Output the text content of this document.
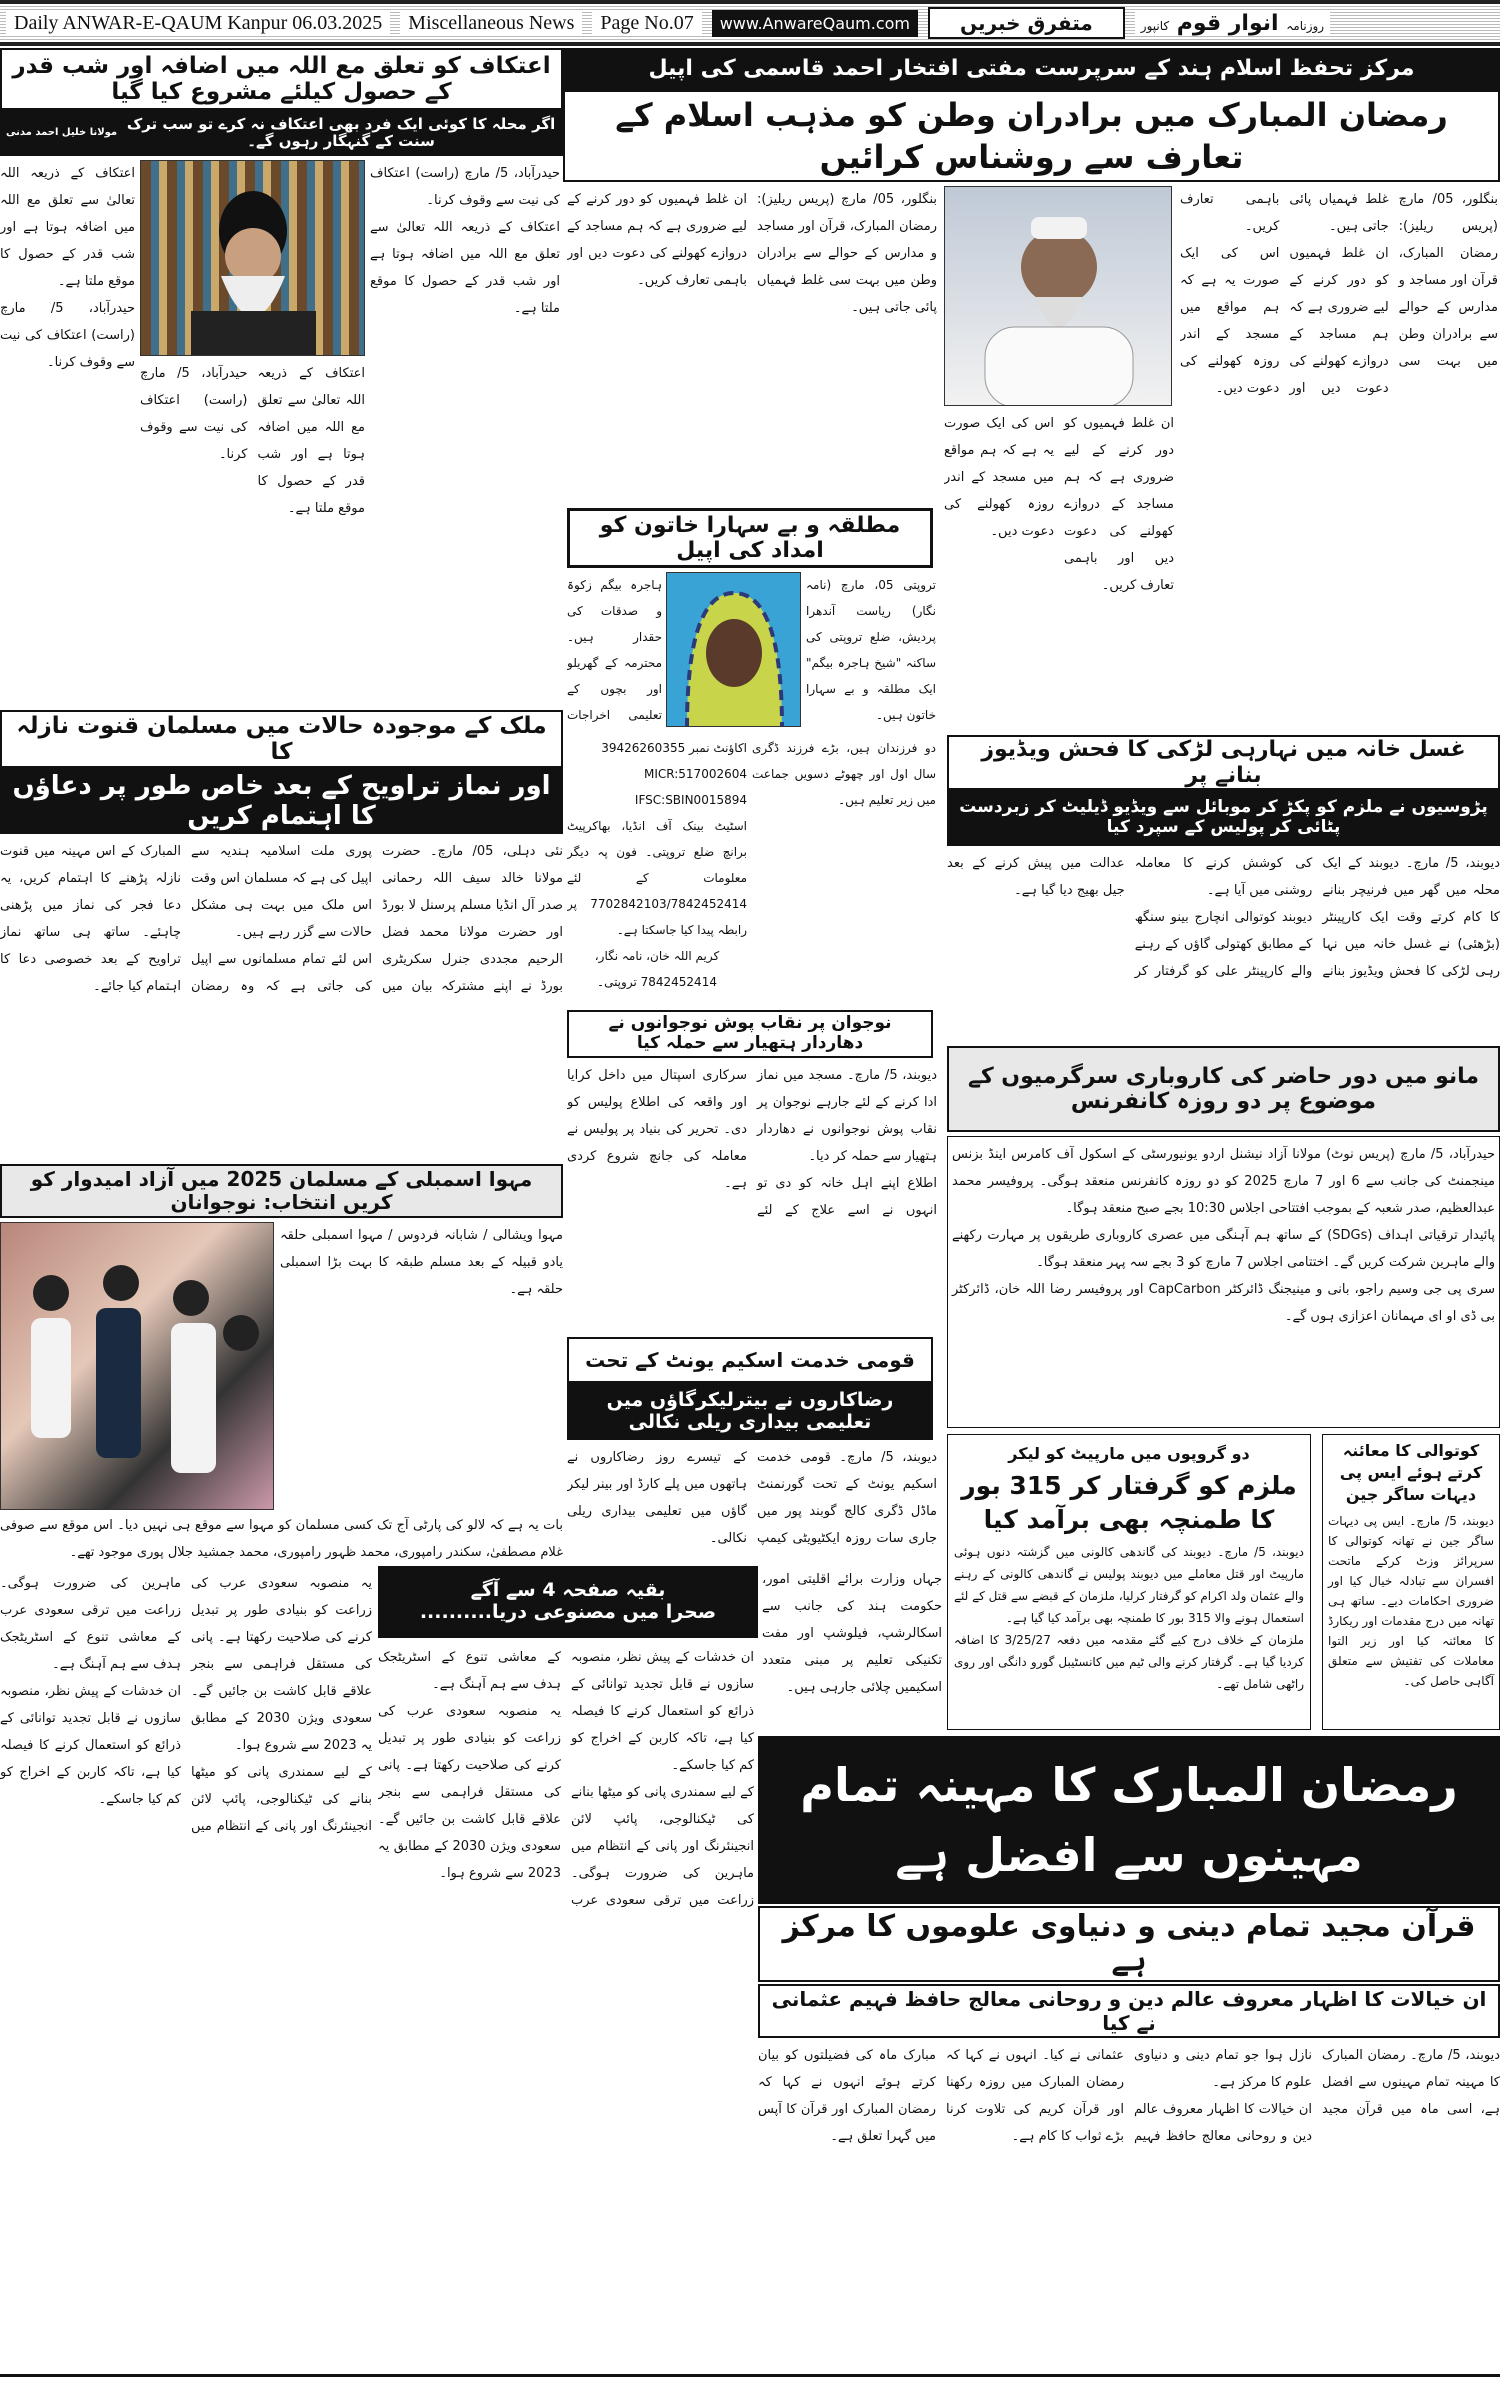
Daily ANWAR-E-QAUM Kanpur 06.03.2025	Miscellaneous News	Page No.07	www.AnwareQaum.com	متفرق خبریں	روزنامہ انوار قوم کانپور
مرکز تحفظ اسلام ہند کے سرپرست مفتی افتخار احمد قاسمی کی اپیل
رمضان المبارک میں برادران وطن کو مذہب اسلام کے تعارف سے روشناس کرائیں

بنگلور، 05/ مارچ (پریس ریلیز): رمضان المبارک، قرآن اور مساجد و مدارس کے حوالے سے برادران وطن میں بہت سی غلط فہمیاں پائی جاتی ہیں۔

ان غلط فہمیوں کو دور کرنے کے لیے ضروری ہے کہ ہم مساجد کے دروازے کھولنے کی دعوت دیں اور باہمی تعارف کریں۔

اس کی ایک صورت یہ ہے کہ ہم مواقع میں مسجد کے اندر روزہ کھولنے کی دعوت دیں۔

ان غلط فہمیوں کو دور کرنے کے لیے ضروری ہے کہ ہم مساجد کے دروازے کھولنے کی دعوت دیں اور باہمی تعارف کریں۔

اس کی ایک صورت یہ ہے کہ ہم مواقع میں مسجد کے اندر روزہ کھولنے کی دعوت دیں۔

اعتکاف کو تعلق مع اللہ میں اضافہ اور شب قدر کے حصول کیلئے مشروع کیا گیا
اگر محلہ کا کوئی ایک فرد بھی اعتکاف نہ کرے تو سب ترک سنت کے گنہگار رہوں گے۔
مولانا خلیل احمد مدنی

حیدرآباد، 5/ مارچ (راست) اعتکاف کی نیت سے وقوف کرنا۔

اعتکاف کے ذریعہ اللہ تعالیٰ سے تعلق مع اللہ میں اضافہ ہوتا ہے اور شب قدر کے حصول کا موقع ملتا ہے۔

اعتکاف کے ذریعہ اللہ تعالیٰ سے تعلق مع اللہ میں اضافہ ہوتا ہے اور شب قدر کے حصول کا موقع ملتا ہے۔

حیدرآباد، 5/ مارچ (راست) اعتکاف کی نیت سے وقوف کرنا۔

اعتکاف کے ذریعہ اللہ تعالیٰ سے تعلق مع اللہ میں اضافہ ہوتا ہے اور شب قدر کے حصول کا موقع ملتا ہے۔

حیدرآباد، 5/ مارچ (راست) اعتکاف کی نیت سے وقوف کرنا۔

بنگلور، 05/ مارچ (پریس ریلیز): رمضان المبارک، قرآن اور مساجد و مدارس کے حوالے سے برادران وطن میں بہت سی غلط فہمیاں پائی جاتی ہیں۔

ان غلط فہمیوں کو دور کرنے کے لیے ضروری ہے کہ ہم مساجد کے دروازے کھولنے کی دعوت دیں اور باہمی تعارف کریں۔

مطلقہ و بے سہارا خاتون کو امداد کی اپیل
تروپتی 05، مارچ (نامہ نگار) ریاست آندھرا پردیش، ضلع تروپتی کی ساکنہ "شیخ ہاجرہ بیگم" ایک مطلقہ و بے سہارا خاتون ہیں۔
ہاجرہ بیگم زکوۃ و صدقات کی حقدار ہیں۔ محترمہ کے گھریلو اور بچوں کے تعلیمی اخراجات
دو فرزندان ہیں، بڑے فرزند ڈگری سال اول اور چھوٹے دسویں جماعت میں زیر تعلیم ہیں۔

اکاؤنٹ نمبر 39426260355

MICR:517002604

IFSC:SBIN0015894

اسٹیٹ بینک آف انڈیا، بھاکرپیٹ برانچ ضلع تروپتی۔ فون پہ دیگر معلومات کے لئے 7702842103/7842452414 پر رابطہ پیدا کیا جاسکتا ہے۔

کریم اللہ خان، نامہ نگار،

7842452414 تروپتی۔

نوجوان پر نقاب پوش نوجوانوں نے دھاردار ہتھیار سے حملہ کیا

دیوبند، 5/ مارچ۔ مسجد میں نماز ادا کرنے کے لئے جارہے نوجوان پر نقاب پوش نوجوانوں نے دھاردار ہتھیار سے حملہ کر دیا۔

اطلاع اپنے اہل خانہ کو دی تو انہوں نے اسے علاج کے لئے سرکاری اسپتال میں داخل کرایا اور واقعہ کی اطلاع پولیس کو دی۔ تحریر کی بنیاد پر پولیس نے معاملہ کی جانچ شروع کردی ہے۔

قومی خدمت اسکیم یونٹ کے تحت
رضاکاروں نے بیترلیکرگاؤں میں تعلیمی بیداری ریلی نکالی

دیوبند، 5/ مارچ۔ قومی خدمت اسکیم یونٹ کے تحت گورنمنٹ ماڈل ڈگری کالج گوبند پور میں جاری سات روزہ ایکٹیویٹی کیمپ کے تیسرے روز رضاکاروں نے ہاتھوں میں پلے کارڈ اور بینر لیکر گاؤں میں تعلیمی بیداری ریلی نکالی۔

جہاں وزارت برائے اقلیتی امور، حکومت ہند کی جانب سے اسکالرشپ، فیلوشپ اور مفت تکنیکی تعلیم پر مبنی متعدد اسکیمیں چلائی جارہی ہیں۔

غسل خانہ میں نہارہی لڑکی کا فحش ویڈیوز بنانے پر
پڑوسیوں نے ملزم کو پکڑ کر موبائل سے ویڈیو ڈیلیٹ کر زبردست پٹائی کر پولیس کے سپرد کیا

دیوبند، 5/ مارچ۔ دیوبند کے ایک محلہ میں گھر میں فرنیچر بنانے کا کام کرتے وقت ایک کارپینٹر (بڑھئی) نے غسل خانہ میں نہا رہی لڑکی کا فحش ویڈیوز بنانے کی کوشش کرنے کا معاملہ روشنی میں آیا ہے۔

دیوبند کوتوالی انچارج بینو سنگھ کے مطابق کھتولی گاؤں کے رہنے والے کارپینٹر علی کو گرفتار کر عدالت میں پیش کرنے کے بعد جیل بھیج دیا گیا ہے۔

مانو میں دور حاضر کی کاروباری سرگرمیوں کے موضوع پر دو روزہ کانفرنس

حیدرآباد، 5/ مارچ (پریس نوٹ) مولانا آزاد نیشنل اردو یونیورسٹی کے اسکول آف کامرس اینڈ بزنس مینجمنٹ کی جانب سے 6 اور 7 مارچ 2025 کو دو روزہ کانفرنس منعقد ہوگی۔ پروفیسر محمد عبدالعظیم، صدر شعبہ کے بموجب افتتاحی اجلاس 10:30 بجے صبح منعقد ہوگا۔

پائیدار ترقیاتی اہداف (SDGs) کے ساتھ ہم آہنگی میں عصری کاروباری طریقوں پر مہارت رکھنے والے ماہرین شرکت کریں گے۔ اختتامی اجلاس 7 مارچ کو 3 بجے سہ پہر منعقد ہوگا۔

سری پی جی وسیم راجو، بانی و مینیجنگ ڈائرکٹر CapCarbon اور پروفیسر رضا اللہ خان، ڈائرکٹر بی ڈی او ای مہمانان اعزازی ہوں گے۔

دو گروپوں میں مارپیٹ کو لیکر
ملزم کو گرفتار کر 315 بور کا طمنچہ بھی برآمد کیا

دیوبند، 5/ مارچ۔ دیوبند کی گاندھی کالونی میں گزشتہ دنوں ہوئی مارپیٹ اور قتل معاملے میں دیوبند پولیس نے گاندھی کالونی کے رہنے والے عثمان ولد اکرام کو گرفتار کرلیا، ملزمان کے قبضے سے قتل کے لئے استعمال ہونے والا 315 بور کا طمنچہ بھی برآمد کیا گیا ہے۔

ملزمان کے خلاف درج کیے گئے مقدمہ میں دفعہ 3/25/27 کا اضافہ کردیا گیا ہے۔ گرفتار کرنے والی ٹیم میں کانسٹیبل گورو دانگی اور روی راٹھی شامل تھے۔

کوتوالی کا معائنہ کرتے ہوئے ایس پی دیہات ساگر جین
دیوبند، 5/ مارچ۔ ایس پی دیہات ساگر جین نے تھانہ کوتوالی کا سرپرائز وزٹ کرکے ماتحت افسران سے تبادلہ خیال کیا اور ضروری احکامات دیے۔ ساتھ ہی تھانہ میں درج مقدمات اور ریکارڈ کا معائنہ کیا اور زیر التوا معاملات کی تفتیش سے متعلق آگاہی حاصل کی۔
ملک کے موجودہ حالات میں مسلمان قنوت نازلہ کا
اور نماز تراویح کے بعد خاص طور پر دعاؤں کا اہتمام کریں

نئی دہلی، 05/ مارچ۔ حضرت مولانا خالد سیف اللہ رحمانی صدر آل انڈیا مسلم پرسنل لا بورڈ اور حضرت مولانا محمد فضل الرحیم مجددی جنرل سکریٹری بورڈ نے اپنے مشترکہ بیان میں پوری ملت اسلامیہ ہندیہ سے اپیل کی ہے کہ مسلمان اس وقت اس ملک میں بہت ہی مشکل حالات سے گزر رہے ہیں۔

اس لئے تمام مسلمانوں سے اپیل کی جاتی ہے کہ وہ رمضان المبارک کے اس مہینہ میں قنوت نازلہ پڑھنے کا اہتمام کریں، یہ دعا فجر کی نماز میں پڑھنی چاہئے۔ ساتھ ہی ساتھ نماز تراویح کے بعد خصوصی دعا کا اہتمام کیا جائے۔

مہوا اسمبلی کے مسلمان 2025 میں آزاد امیدوار کو کریں انتخاب: نوجوانان
مہوا ویشالی / شابانہ فردوس / مہوا اسمبلی حلقہ یادو قبیلہ کے بعد مسلم طبقہ کا بہت بڑا اسمبلی حلقہ ہے۔
بات یہ ہے کہ لالو کی پارٹی آج تک کسی مسلمان کو مہوا سے موقع ہی نہیں دیا۔ اس موقع سے صوفی غلام مصطفیٰ، سکندر رامپوری، محمد ظہور رامپوری، محمد جمشید جلال پوری موجود تھے۔

یہ منصوبہ سعودی عرب کی زراعت کو بنیادی طور پر تبدیل کرنے کی صلاحیت رکھتا ہے۔ پانی کی مستقل فراہمی سے بنجر علاقے قابل کاشت بن جائیں گے۔ سعودی ویژن 2030 کے مطابق یہ 2023 سے شروع ہوا۔

کے لیے سمندری پانی کو میٹھا بنانے کی ٹیکنالوجی، پائپ لائن انجینئرنگ اور پانی کے انتظام میں ماہرین کی ضرورت ہوگی۔ زراعت میں ترقی سعودی عرب کے معاشی تنوع کے اسٹریٹجک ہدف سے ہم آہنگ ہے۔

ان خدشات کے پیش نظر، منصوبہ سازوں نے قابل تجدید توانائی کے ذرائع کو استعمال کرنے کا فیصلہ کیا ہے، تاکہ کاربن کے اخراج کو کم کیا جاسکے۔

بقیہ صفحہ 4 سے آگے
صحرا میں مصنوعی دریا..........

ان خدشات کے پیش نظر، منصوبہ سازوں نے قابل تجدید توانائی کے ذرائع کو استعمال کرنے کا فیصلہ کیا ہے، تاکہ کاربن کے اخراج کو کم کیا جاسکے۔

کے لیے سمندری پانی کو میٹھا بنانے کی ٹیکنالوجی، پائپ لائن انجینئرنگ اور پانی کے انتظام میں ماہرین کی ضرورت ہوگی۔ زراعت میں ترقی سعودی عرب کے معاشی تنوع کے اسٹریٹجک ہدف سے ہم آہنگ ہے۔

یہ منصوبہ سعودی عرب کی زراعت کو بنیادی طور پر تبدیل کرنے کی صلاحیت رکھتا ہے۔ پانی کی مستقل فراہمی سے بنجر علاقے قابل کاشت بن جائیں گے۔ سعودی ویژن 2030 کے مطابق یہ 2023 سے شروع ہوا۔

رمضان المبارک کا مہینہ تمام مہینوں سے افضل ہے
قرآن مجید تمام دینی و دنیاوی علوموں کا مرکز ہے
ان خیالات کا اظہار معروف عالم دین و روحانی معالج حافظ فہیم عثمانی نے کیا

دیوبند، 5/ مارچ۔ رمضان المبارک کا مہینہ تمام مہینوں سے افضل ہے، اسی ماہ میں قرآن مجید نازل ہوا جو تمام دینی و دنیاوی علوم کا مرکز ہے۔

ان خیالات کا اظہار معروف عالم دین و روحانی معالج حافظ فہیم عثمانی نے کیا۔ انہوں نے کہا کہ رمضان المبارک میں روزہ رکھنا اور قرآن کریم کی تلاوت کرنا بڑے ثواب کا کام ہے۔

مبارک ماہ کی فضیلتوں کو بیان کرتے ہوئے انہوں نے کہا کہ رمضان المبارک اور قرآن کا آپس میں گہرا تعلق ہے۔
